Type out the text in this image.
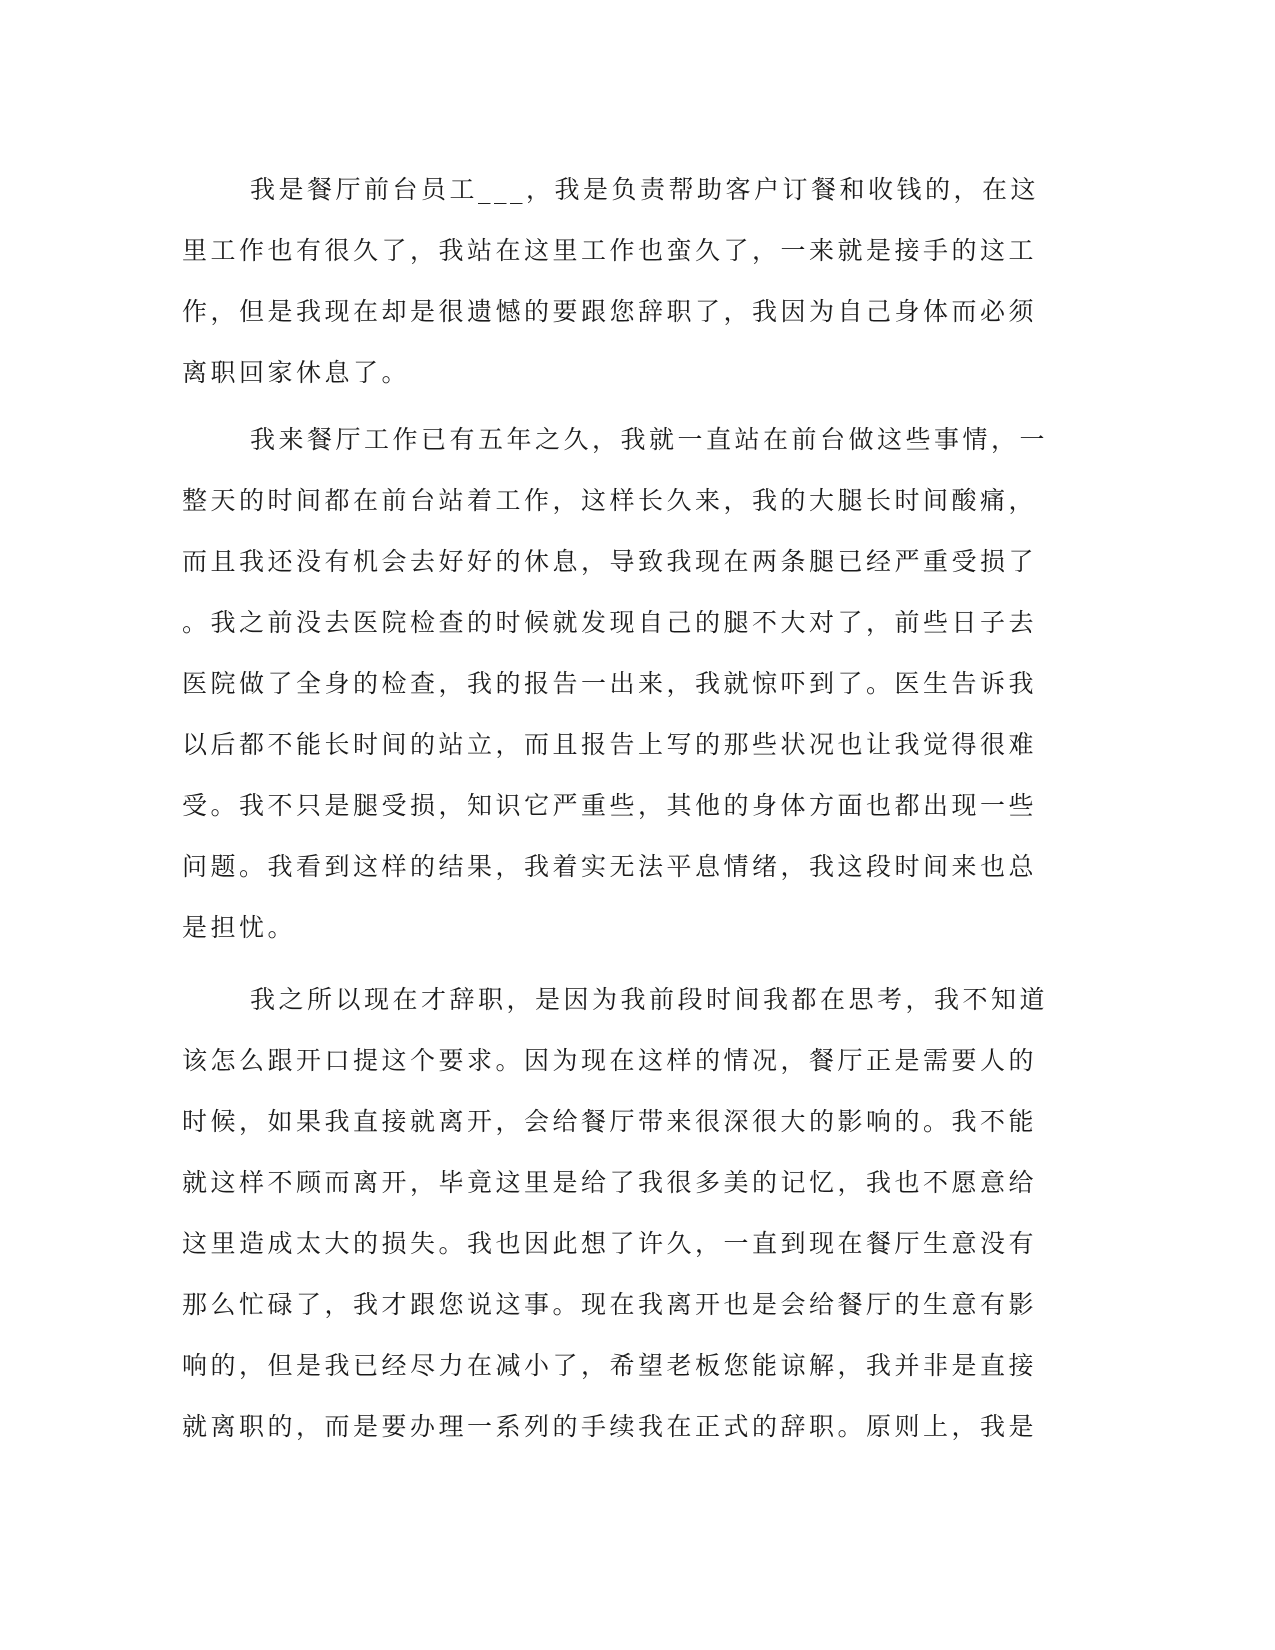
我是餐厅前台员工___，我是负责帮助客户订餐和收钱的，在这
里工作也有很久了，我站在这里工作也蛮久了，一来就是接手的这工
作，但是我现在却是很遗憾的要跟您辞职了，我因为自己身体而必须
离职回家休息了。
我来餐厅工作已有五年之久，我就一直站在前台做这些事情，一
整天的时间都在前台站着工作，这样长久来，我的大腿长时间酸痛，
而且我还没有机会去好好的休息，导致我现在两条腿已经严重受损了
。我之前没去医院检查的时候就发现自己的腿不大对了，前些日子去
医院做了全身的检查，我的报告一出来，我就惊吓到了。医生告诉我
以后都不能长时间的站立，而且报告上写的那些状况也让我觉得很难
受。我不只是腿受损，知识它严重些，其他的身体方面也都出现一些
问题。我看到这样的结果，我着实无法平息情绪，我这段时间来也总
是担忧。
我之所以现在才辞职，是因为我前段时间我都在思考，我不知道
该怎么跟开口提这个要求。因为现在这样的情况，餐厅正是需要人的
时候，如果我直接就离开，会给餐厅带来很深很大的影响的。我不能
就这样不顾而离开，毕竟这里是给了我很多美的记忆，我也不愿意给
这里造成太大的损失。我也因此想了许久，一直到现在餐厅生意没有
那么忙碌了，我才跟您说这事。现在我离开也是会给餐厅的生意有影
响的，但是我已经尽力在减小了，希望老板您能谅解，我并非是直接
就离职的，而是要办理一系列的手续我在正式的辞职。原则上，我是
